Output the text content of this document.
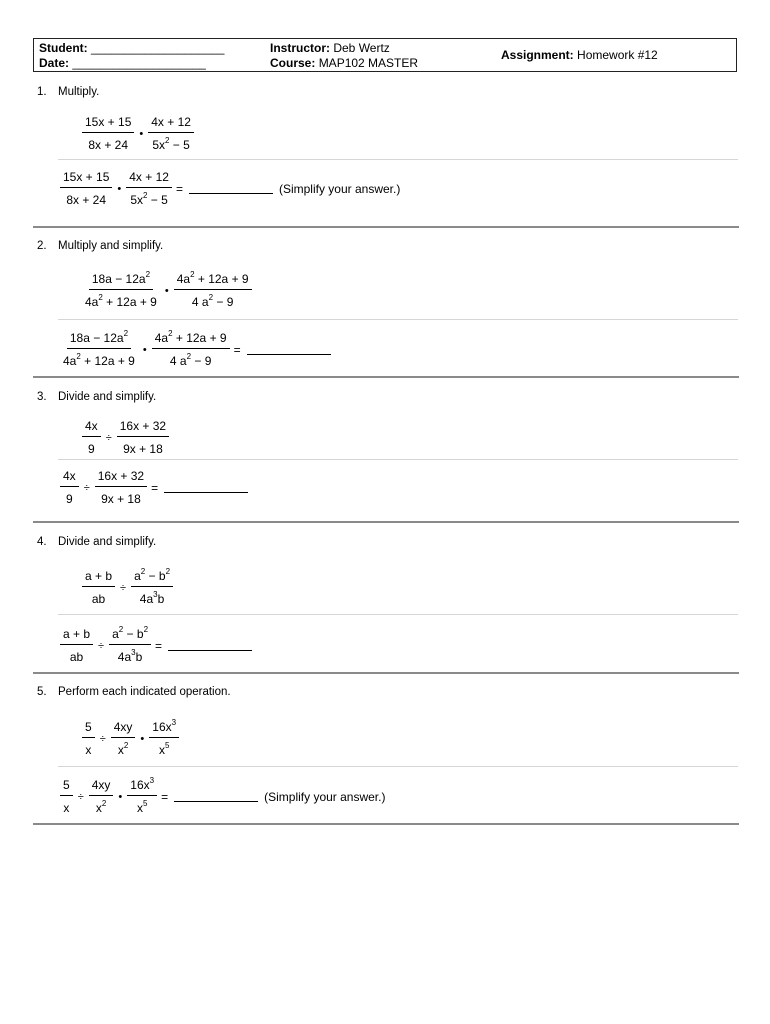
Student: ____________________
Date: ____________________
Instructor: Deb Wertz
Course: MAP102 MASTER
Assignment: Homework #12
1. Multiply.
$\frac{15x + 15}{8x + 24}$ • $\frac{4x + 12}{5x^2 - 5}$
$\frac{15x + 15}{8x + 24}$ • $\frac{4x + 12}{5x^2 - 5}$ =	(Simplify your answer.)
2. Multiply and simplify.
$\frac{18a - 12a^2}{4a^2 + 12a + 9}$ • $\frac{4a^2 + 12a + 9}{4 a^2 - 9}$
$\frac{18a - 12a^2}{4a^2 + 12a + 9}$ • $\frac{4a^2 + 12a + 9}{4 a^2 - 9}$ =
3. Divide and simplify.
$\frac{4x}{9} \div \frac{16x + 32}{9x + 18}$
$\frac{4x}{9} \div \frac{16x + 32}{9x + 18}$ =
4. Divide and simplify.
$\frac{a + b}{ab} \div \frac{a^2 - b^2}{4a^3b}$
$\frac{a + b}{ab} \div \frac{a^2 - b^2}{4a^3b}$ =
5. Perform each indicated operation.
$\frac{5}{x} \div \frac{4xy}{x^2}$ • $\frac{16x^3}{x^5}$
$\frac{5}{x} \div \frac{4xy}{x^2}$ • $\frac{16x^3}{x^5}$ =	(Simplify your answer.)
